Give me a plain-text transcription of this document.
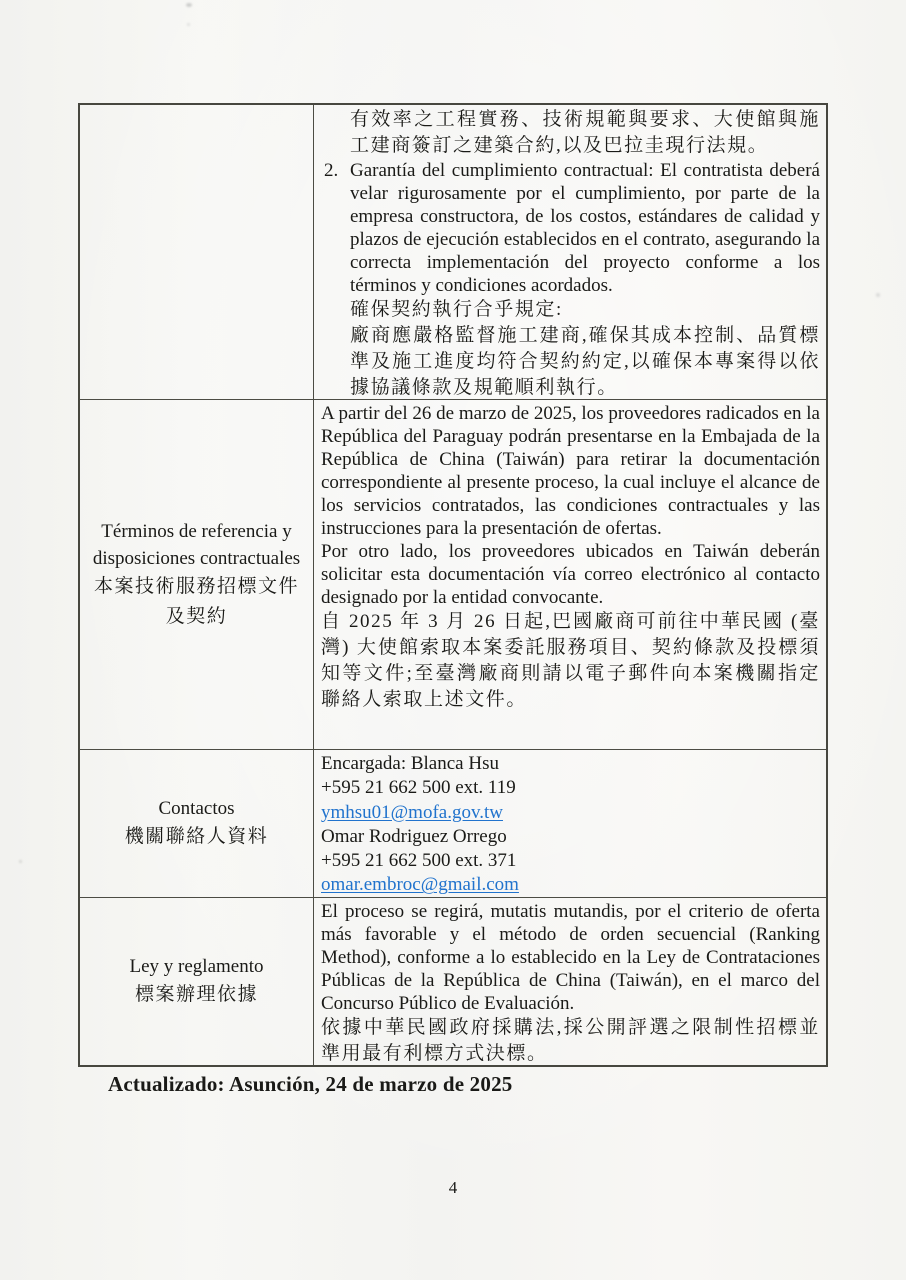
有效率之工程實務、技術規範與要求、大使館與施工建商簽訂之建築合約,以及巴拉圭現行法規。

2. Garantía del cumplimiento contractual: El contratista deberá velar rigurosamente por el cumplimiento, por parte de la empresa constructora, de los costos, estándares de calidad y plazos de ejecución establecidos en el contrato, asegurando la correcta implementación del proyecto conforme a los términos y condiciones acordados.

確保契約執行合乎規定:

廠商應嚴格監督施工建商,確保其成本控制、品質標準及施工進度均符合契約約定,以確保本專案得以依據協議條款及規範順利執行。

Términos de referencia y disposiciones contractuales
本案技術服務招標文件及契約

A partir del 26 de marzo de 2025, los proveedores radicados en la República del Paraguay podrán presentarse en la Embajada de la República de China (Taiwán) para retirar la documentación correspondiente al presente proceso, la cual incluye el alcance de los servicios contratados, las condiciones contractuales y las instrucciones para la presentación de ofertas.

Por otro lado, los proveedores ubicados en Taiwán deberán solicitar esta documentación vía correo electrónico al contacto designado por la entidad convocante.

自 2025 年 3 月 26 日起,巴國廠商可前往中華民國 (臺灣) 大使館索取本案委託服務項目、契約條款及投標須知等文件;至臺灣廠商則請以電子郵件向本案機關指定聯絡人索取上述文件。

Contactos
機關聯絡人資料

Encargada: Blanca Hsu

+595 21 662 500 ext. 119

ymhsu01@mofa.gov.tw

Omar Rodriguez Orrego

+595 21 662 500 ext. 371

omar.embroc@gmail.com

Ley y reglamento
標案辦理依據

El proceso se regirá, mutatis mutandis, por el criterio de oferta más favorable y el método de orden secuencial (Ranking Method), conforme a lo establecido en la Ley de Contrataciones Públicas de la República de China (Taiwán), en el marco del Concurso Público de Evaluación.

依據中華民國政府採購法,採公開評選之限制性招標並準用最有利標方式決標。

Actualizado: Asunción, 24 de marzo de 2025

4
